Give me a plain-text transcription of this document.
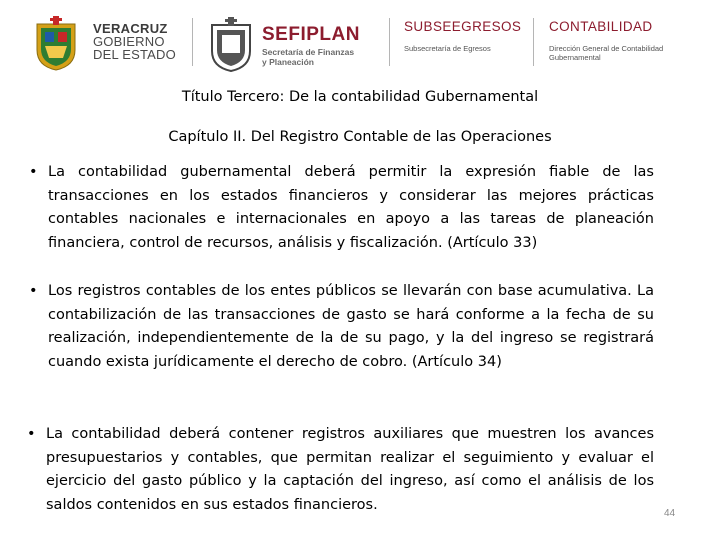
VERACRUZ
GOBIERNO
DEL ESTADO
SEFIPLAN
Secretaría de Finanzas
y Planeación
SUBSEEGRESOS
Subsecretaría de Egresos
CONTABILIDAD
Dirección General de Contabilidad Gubernamental
Título Tercero: De la contabilidad Gubernamental
Capítulo II. Del Registro Contable de las Operaciones
• La contabilidad gubernamental deberá permitir la expresión fiable de las transacciones en los estados financieros y considerar las mejores prácticas contables nacionales e internacionales en apoyo a las tareas de planeación financiera, control de recursos, análisis y fiscalización. (Artículo 33)
• Los registros contables de los entes públicos se llevarán con base acumulativa. La contabilización de las transacciones de gasto se hará conforme a la fecha de su realización, independientemente de la de su pago, y la del ingreso se registrará cuando exista jurídicamente el derecho de cobro. (Artículo 34)
• La contabilidad deberá contener registros auxiliares que muestren los avances presupuestarios y contables, que permitan realizar el seguimiento y evaluar el ejercicio del gasto público y la captación del ingreso, así como el análisis de los saldos contenidos en sus estados financieros.
44
